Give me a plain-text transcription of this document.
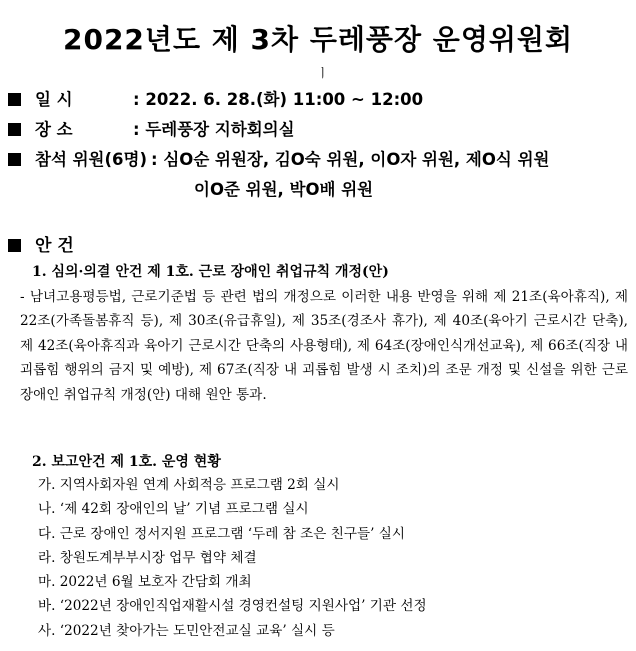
2022년도 제 3차 두레풍장 운영위원회
ㅣ
일 시	: 2022. 6. 28.(화) 11:00 ~ 12:00
장 소	: 두레풍장 지하회의실
참석 위원(6명) : 심O순 위원장, 김O숙 위원, 이O자 위원, 제O식 위원
이O준 위원, 박O배 위원
안 건
1. 심의·의결 안건 제 1호. 근로 장애인 취업규칙 개정(안)
- 남녀고용평등법, 근로기준법 등 관련 법의 개정으로 이러한 내용 반영을 위해 제 21조(육아휴직), 제 22조(가족돌봄휴직 등), 제 30조(유급휴일), 제 35조(경조사 휴가), 제 40조(육아기 근로시간 단축), 제 42조(육아휴직과 육아기 근로시간 단축의 사용형태), 제 64조(장애인식개선교육), 제 66조(직장 내 괴롭힘 행위의 금지 및 예방), 제 67조(직장 내 괴롭힘 발생 시 조치)의 조문 개정 및 신설을 위한 근로 장애인 취업규칙 개정(안) 대해 원안 통과.
2. 보고안건 제 1호. 운영 현황
가. 지역사회자원 연계 사회적응 프로그램 2회 실시
나. ‘제 42회 장애인의 날’ 기념 프로그램 실시
다. 근로 장애인 정서지원 프로그램 ‘두레 참 조은 친구들’ 실시
라. 창원도계부부시장 업무 협약 체결
마. 2022년 6월 보호자 간담회 개최
바. ‘2022년 장애인직업재활시설 경영컨설팅 지원사업’ 기관 선정
사. ‘2022년 찾아가는 도민안전교실 교육’ 실시 등
